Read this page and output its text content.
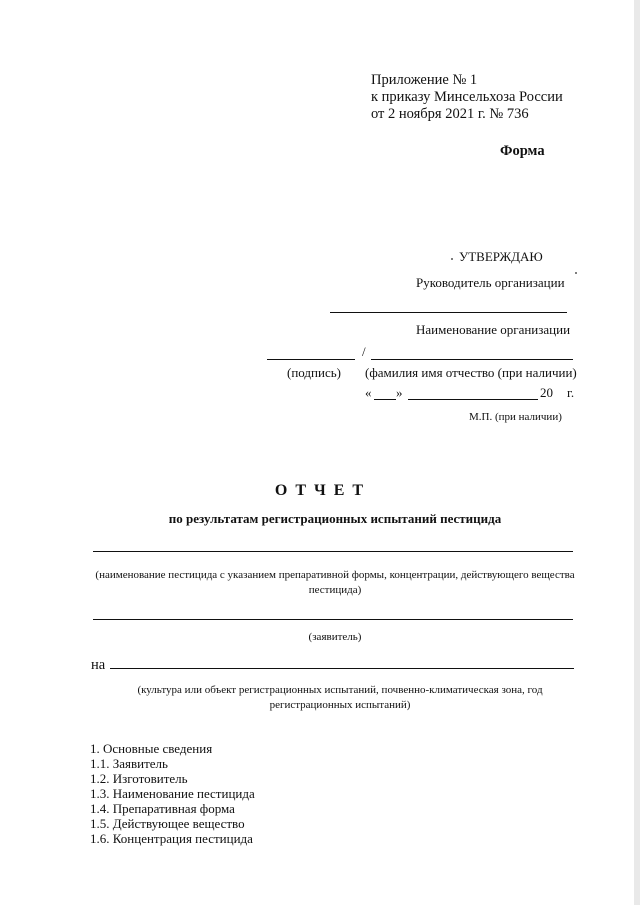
Приложение № 1
к приказу Минсельхоза России
от 2 ноября 2021 г. № 736
Форма
УТВЕРЖДАЮ
Руководитель организации
Наименование организации
/
(подпись) (фамилия имя отчество (при наличии)
« »	20 г.
М.П. (при наличии)
О Т Ч Е Т
по результатам регистрационных испытаний пестицида
(наименование пестицида с указанием препаративной формы, концентрации, действующего вещества пестицида)
(заявитель)
на
(культура или объект регистрационных испытаний, почвенно-климатическая зона, год регистрационных испытаний)
1. Основные сведения
1.1. Заявитель
1.2. Изготовитель
1.3. Наименование пестицида
1.4. Препаративная форма
1.5. Действующее вещество
1.6. Концентрация пестицида
